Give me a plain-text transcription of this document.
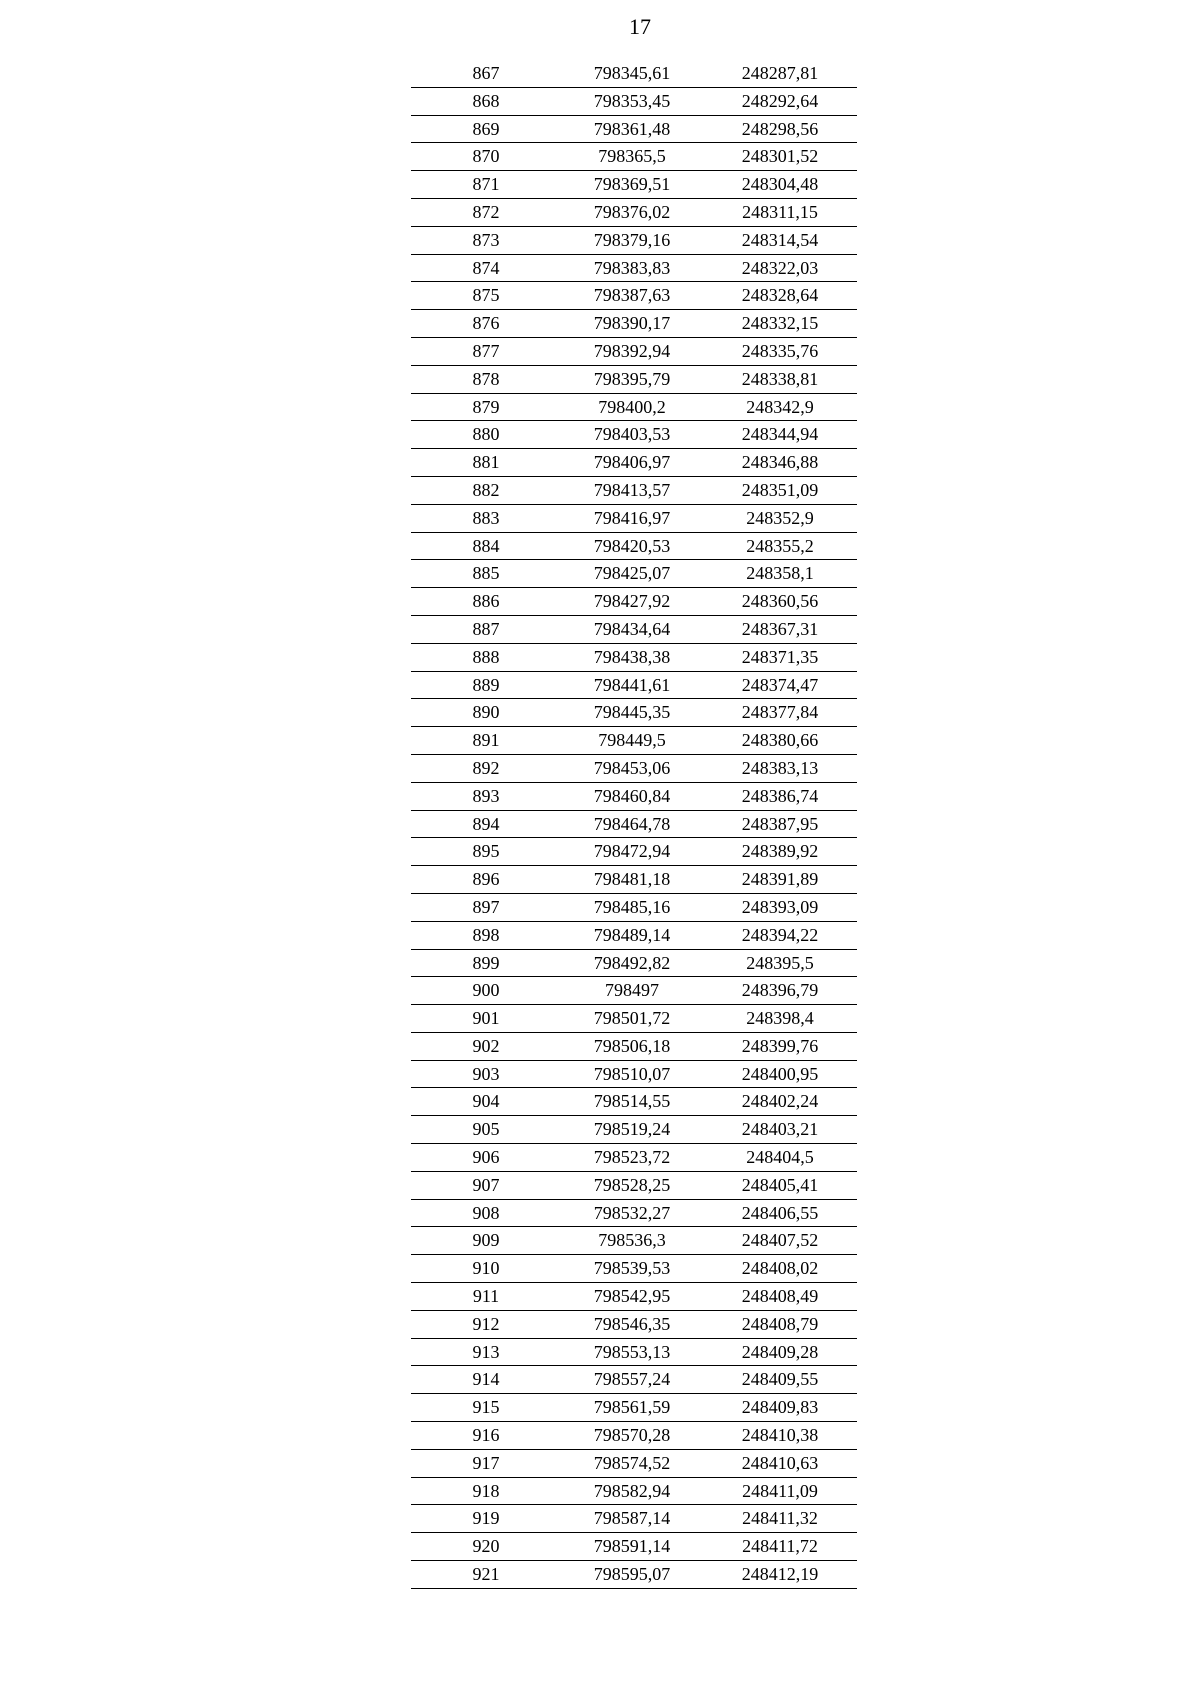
17
867	798345,61	248287,81
868	798353,45	248292,64
869	798361,48	248298,56
870	798365,5	248301,52
871	798369,51	248304,48
872	798376,02	248311,15
873	798379,16	248314,54
874	798383,83	248322,03
875	798387,63	248328,64
876	798390,17	248332,15
877	798392,94	248335,76
878	798395,79	248338,81
879	798400,2	248342,9
880	798403,53	248344,94
881	798406,97	248346,88
882	798413,57	248351,09
883	798416,97	248352,9
884	798420,53	248355,2
885	798425,07	248358,1
886	798427,92	248360,56
887	798434,64	248367,31
888	798438,38	248371,35
889	798441,61	248374,47
890	798445,35	248377,84
891	798449,5	248380,66
892	798453,06	248383,13
893	798460,84	248386,74
894	798464,78	248387,95
895	798472,94	248389,92
896	798481,18	248391,89
897	798485,16	248393,09
898	798489,14	248394,22
899	798492,82	248395,5
900	798497	248396,79
901	798501,72	248398,4
902	798506,18	248399,76
903	798510,07	248400,95
904	798514,55	248402,24
905	798519,24	248403,21
906	798523,72	248404,5
907	798528,25	248405,41
908	798532,27	248406,55
909	798536,3	248407,52
910	798539,53	248408,02
911	798542,95	248408,49
912	798546,35	248408,79
913	798553,13	248409,28
914	798557,24	248409,55
915	798561,59	248409,83
916	798570,28	248410,38
917	798574,52	248410,63
918	798582,94	248411,09
919	798587,14	248411,32
920	798591,14	248411,72
921	798595,07	248412,19
